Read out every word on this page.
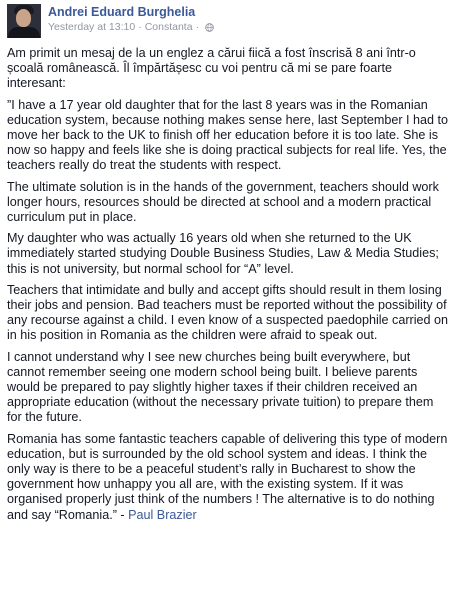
Andrei Eduard Burghelia
Yesterday at 13:10 · Constanta ·

Am primit un mesaj de la un englez a cărui fiică a fost înscrisă 8 ani într-o școală românească. Îl împărtășesc cu voi pentru că mi se pare foarte interesant:

”I have a 17 year old daughter that for the last 8 years was in the Romanian education system, because nothing makes sense here, last September I had to move her back to the UK to finish off her education before it is too late. She is now so happy and feels like she is doing practical subjects for real life. Yes, the teachers really do treat the students with respect.

The ultimate solution is in the hands of the government, teachers should work longer hours, resources should be directed at school and a modern practical curriculum put in place.

My daughter who was actually 16 years old when she returned to the UK immediately started studying Double Business Studies, Law & Media Studies; this is not university, but normal school for “A” level.

Teachers that intimidate and bully and accept gifts should result in them losing their jobs and pension. Bad teachers must be reported without the possibility of any recourse against a child. I even know of a suspected paedophile carried on in his position in Romania as the children were afraid to speak out.

I cannot understand why I see new churches being built everywhere, but cannot remember seeing one modern school being built. I believe parents would be prepared to pay slightly higher taxes if their children received an appropriate education (without the necessary private tuition) to prepare them for the future.

Romania has some fantastic teachers capable of delivering this type of modern education, but is surrounded by the old school system and ideas. I think the only way is there to be a peaceful student’s rally in Bucharest to show the government how unhappy you all are, with the existing system. If it was organised properly just think of the numbers ! The alternative is to do nothing and say “Romania.” - Paul Brazier
